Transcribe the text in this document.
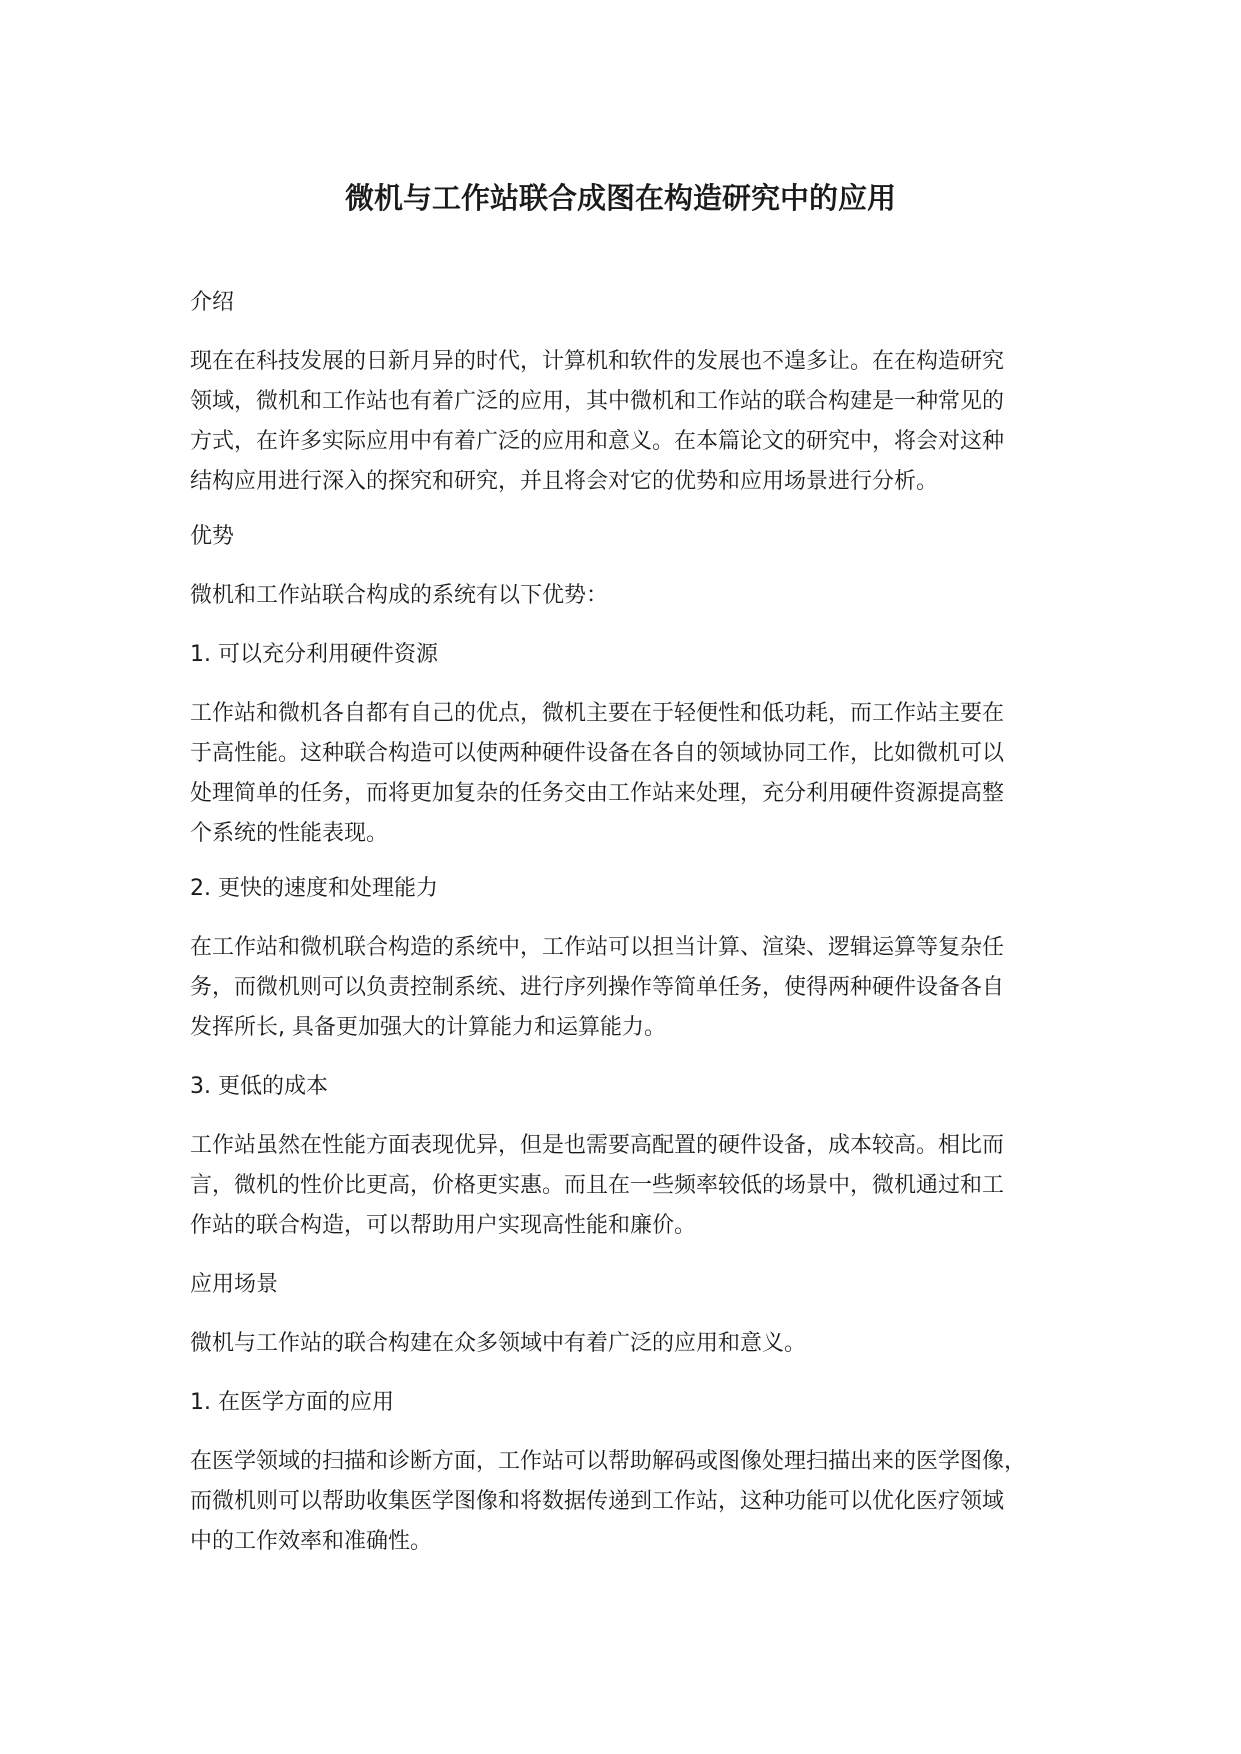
微机与工作站联合成图在构造研究中的应用

介绍

现在在科技发展的日新月异的时代，计算机和软件的发展也不遑多让。在在构造研究
领域，微机和工作站也有着广泛的应用，其中微机和工作站的联合构建是一种常见的
方式，在许多实际应用中有着广泛的应用和意义。在本篇论文的研究中，将会对这种
结构应用进行深入的探究和研究，并且将会对它的优势和应用场景进行分析。

优势

微机和工作站联合构成的系统有以下优势：

1. 可以充分利用硬件资源

工作站和微机各自都有自己的优点，微机主要在于轻便性和低功耗，而工作站主要在
于高性能。这种联合构造可以使两种硬件设备在各自的领域协同工作，比如微机可以
处理简单的任务，而将更加复杂的任务交由工作站来处理，充分利用硬件资源提高整
个系统的性能表现。

2. 更快的速度和处理能力

在工作站和微机联合构造的系统中，工作站可以担当计算、渲染、逻辑运算等复杂任
务，而微机则可以负责控制系统、进行序列操作等简单任务，使得两种硬件设备各自
发挥所长, 具备更加强大的计算能力和运算能力。

3. 更低的成本

工作站虽然在性能方面表现优异，但是也需要高配置的硬件设备，成本较高。相比而
言，微机的性价比更高，价格更实惠。而且在一些频率较低的场景中，微机通过和工
作站的联合构造，可以帮助用户实现高性能和廉价。

应用场景

微机与工作站的联合构建在众多领域中有着广泛的应用和意义。

1. 在医学方面的应用

在医学领域的扫描和诊断方面，工作站可以帮助解码或图像处理扫描出来的医学图像，
而微机则可以帮助收集医学图像和将数据传递到工作站，这种功能可以优化医疗领域
中的工作效率和准确性。
